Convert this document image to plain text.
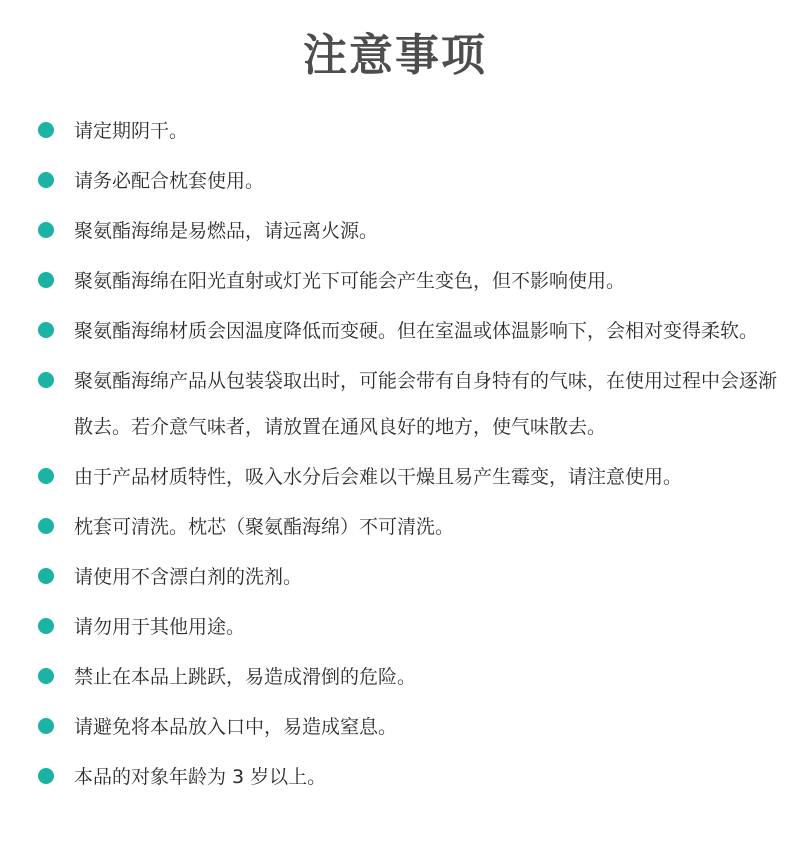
注意事项
请定期阴干。
请务必配合枕套使用。
聚氨酯海绵是易燃品，请远离火源。
聚氨酯海绵在阳光直射或灯光下可能会产生变色，但不影响使用。
聚氨酯海绵材质会因温度降低而变硬。但在室温或体温影响下，会相对变得柔软。
聚氨酯海绵产品从包装袋取出时，可能会带有自身特有的气味，在使用过程中会逐渐散去。若介意气味者，请放置在通风良好的地方，使气味散去。
由于产品材质特性，吸入水分后会难以干燥且易产生霉变，请注意使用。
枕套可清洗。枕芯（聚氨酯海绵）不可清洗。
请使用不含漂白剂的洗剂。
请勿用于其他用途。
禁止在本品上跳跃，易造成滑倒的危险。
请避免将本品放入口中，易造成窒息。
本品的对象年龄为 3 岁以上。
